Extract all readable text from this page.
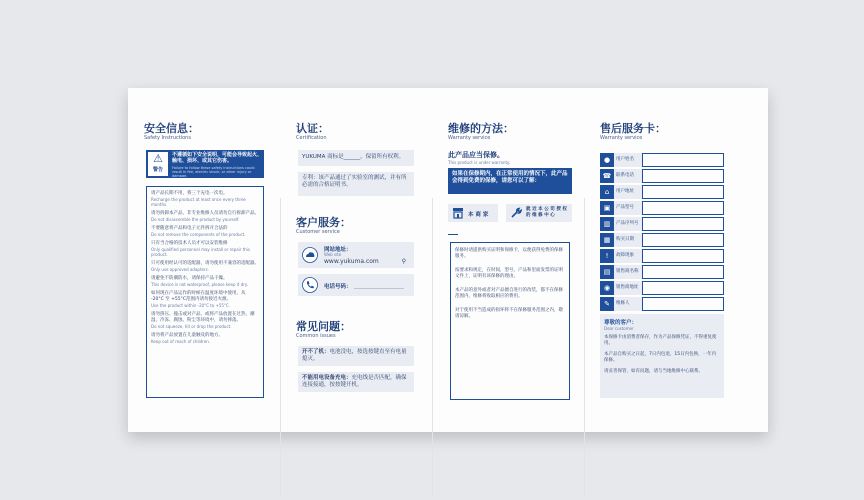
安全信息：
Safety Instructions
⚠
警告
不遵循如下安全说明，可能会导致起火、触电、损坏、或其它伤害。
Failure to follow these safety instructions could result in fire, electric shock, or other injury or damage.
请产品长期不用，将三个充电一次电。
Recharge the product at least once every three months.
请勿拆卸本产品，非专业维修人员请勿自行拆卸产品。
Do not disassemble the product by yourself.
不要随意将产品和电子元件拆开合法的
Do not remove the components of the product.
只有当合格的技术人员才可以安装维修
Only qualified personnel may install or repair this product.
只可使用经认可的适配器，请勿使用不兼容的适配器。
Only use approved adapters.
请避免不防潮防水，请保持产品干燥。
This device is not waterproof, please keep it dry.
如何现在产品运作的时候在温度环境中使用，从 -20°C 至 +55°C范围内请勿接近火源。
Use the product within -20°C to +55°C.
请勿挤压、撞击或对产品、或将产品放置在过热、潮湿、冷冻、腐蚀、粉尘等环境中，请勿摔落。
Do not squeeze, hit or drop the product.
请勿将产品放置在儿童触及的地方。
Keep out of reach of children.
认证：
Certification
YUKUMA 商标是______，保留所有权利。
专利：该产品通过了实验室的测试，并有所必需的合格证明书。
客户服务：
Customer service
网站地址：
Web site
www.yukuma.com	⚲
电话号码：
常见问题：
Common issues
开不了机：电池没电，按选按键直至有电量熄灭。
不能用电设备充电：充电线是否匹配，确保连接接通，按按键开机。
维修的方法：
Warranty service
此产品应当保修。
This product is under warranty.
如果在保修期内，在正常使用的情况下，此产品会得到免费的保修，请您可以了解：
本 商 家
就 近 本 公 司 授 权 的 维 修 中 心
保修时请提供购买证明和保修卡，以便获得免费的保修服务。
按要求和规定，在时间，型号，产品和里面发票的证明文件上，证明有该保修的理由。
本产品的意外或者对产品擅自进行的改装，都不在保修范围内，维修将收取相应的费用。
对于使用不当造成的损坏将不在保修服务范围之内，敬请谅解。
售后服务卡：
Warranty service
●	用户姓名
☎	联系电话
⌂	用户地址
▣	产品型号
▥	产品序列号
▦	购买日期
!	故障现象
▤	销售商名称
◉	销售商地址
✎	维修人
尊敬的客户：
Dear customer
本保修卡由消费者保存，作为产品保修凭证，不得重复使用。
本产品自购买之日起，7日内包退，15日内包换，一年内保修。
请妥善保管，如有问题，请与当地维修中心联系。
